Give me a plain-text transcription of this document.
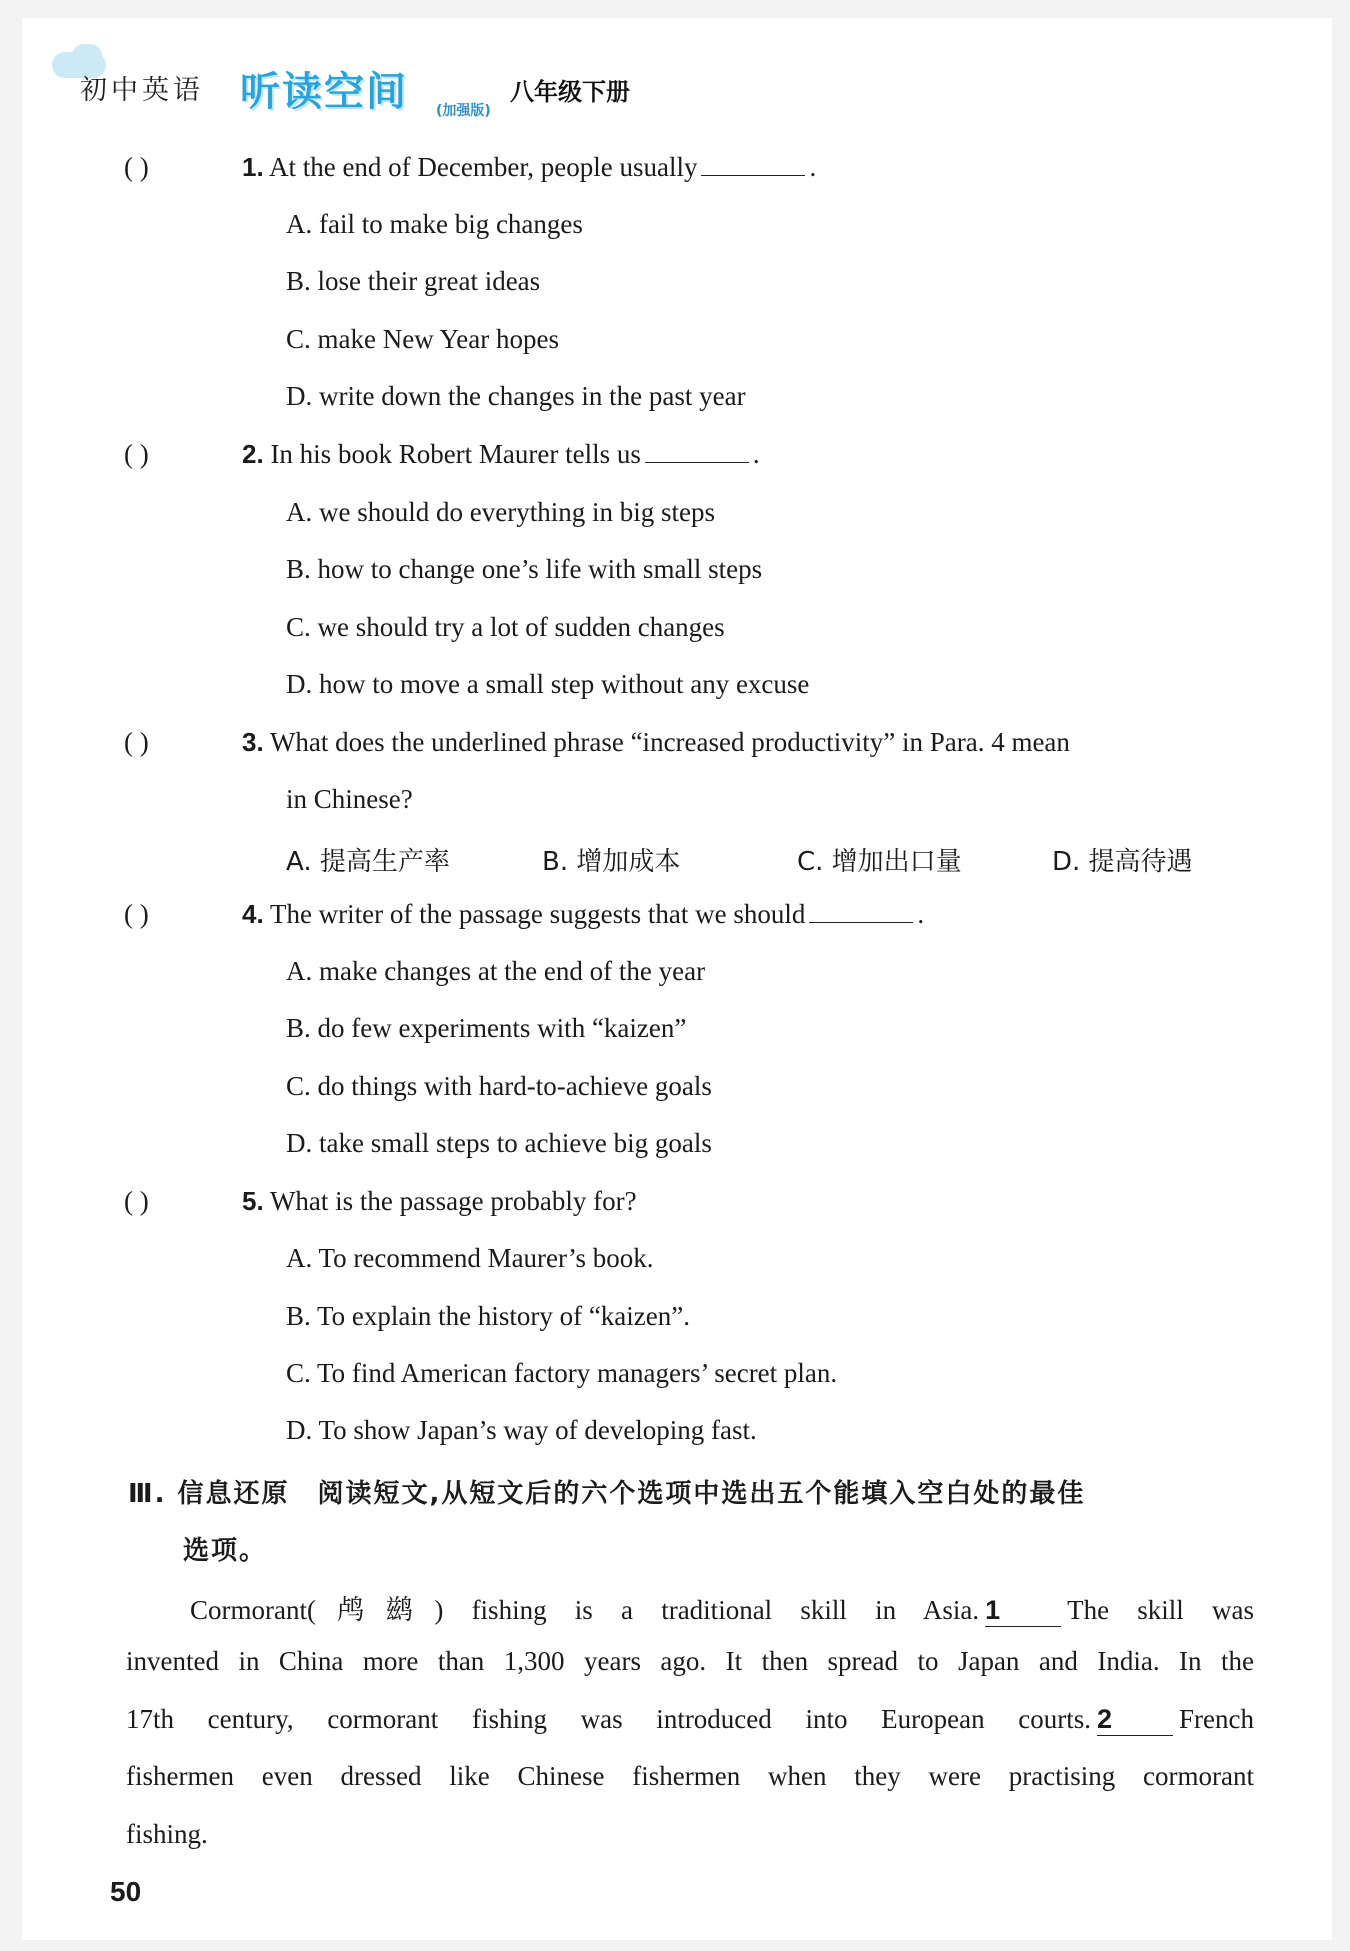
初中英语 听读空间 (加强版)
八年级下册
( )	1. At the end of December, people usually	.
A. fail to make big changes
B. lose their great ideas
C. make New Year hopes
D. write down the changes in the past year
( )	2. In his book Robert Maurer tells us	.
A. we should do everything in big steps
B. how to change one’s life with small steps
C. we should try a lot of sudden changes
D. how to move a small step without any excuse
( )	3. What does the underlined phrase “increased productivity” in Para. 4 mean
in Chinese?
A. 提高生产率	B. 增加成本	C. 增加出口量	D. 提高待遇
( )	4. The writer of the passage suggests that we should	.
A. make changes at the end of the year
B. do few experiments with “kaizen”
C. do things with hard-to-achieve goals
D. take small steps to achieve big goals
( )	5. What is the passage probably for?
A. To recommend Maurer’s book.
B. To explain the history of “kaizen”.
C. To find American factory managers’ secret plan.
D. To show Japan’s way of developing fast.
Ⅲ. 信息还原　阅读短文,从短文后的六个选项中选出五个能填入空白处的最佳
选项。
Cormorant(鸬鹚) fishing is a traditional skill in Asia. 1 The skill was
invented in China more than 1,300 years ago. It then spread to Japan and India. In the
17th century, cormorant fishing was introduced into European courts. 2 French
fishermen even dressed like Chinese fishermen when they were practising cormorant
fishing.
50
